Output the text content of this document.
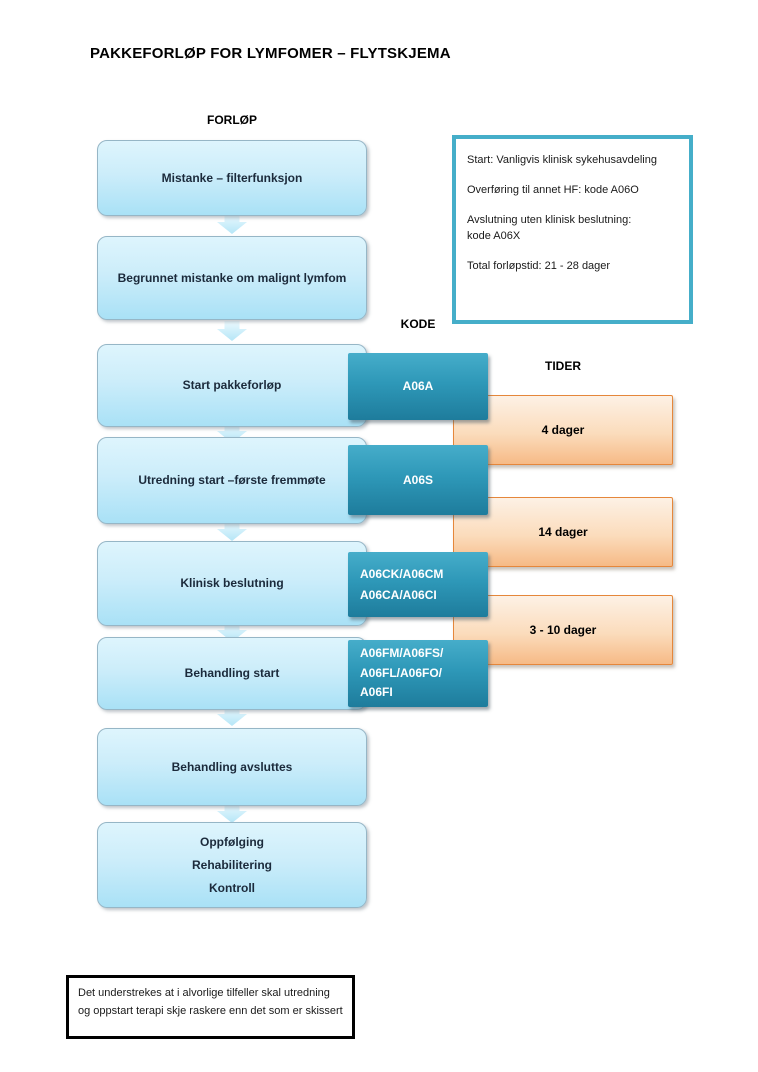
PAKKEFORLØP FOR LYMFOMER – FLYTSKJEMA
FORLØP
KODE
TIDER
Mistanke – filterfunksjon
Begrunnet mistanke om malignt lymfom
Start pakkeforløp
Utredning start –første fremmøte
Klinisk beslutning
Behandling start
Behandling avsluttes
Oppfølging
Rehabilitering
Kontroll
4 dager
14 dager
3 - 10 dager
A06A
A06S
A06CK/A06CM
A06CA/A06CI
A06FM/A06FS/
A06FL/A06FO/
A06FI

Start: Vanligvis klinisk sykehusavdeling

Overføring til annet HF: kode A06O

Avslutning uten klinisk beslutning:

kode A06X

Total forløpstid: 21 - 28 dager

Det understrekes at i alvorlige tilfeller skal utredning og oppstart terapi skje raskere enn det som er skissert
